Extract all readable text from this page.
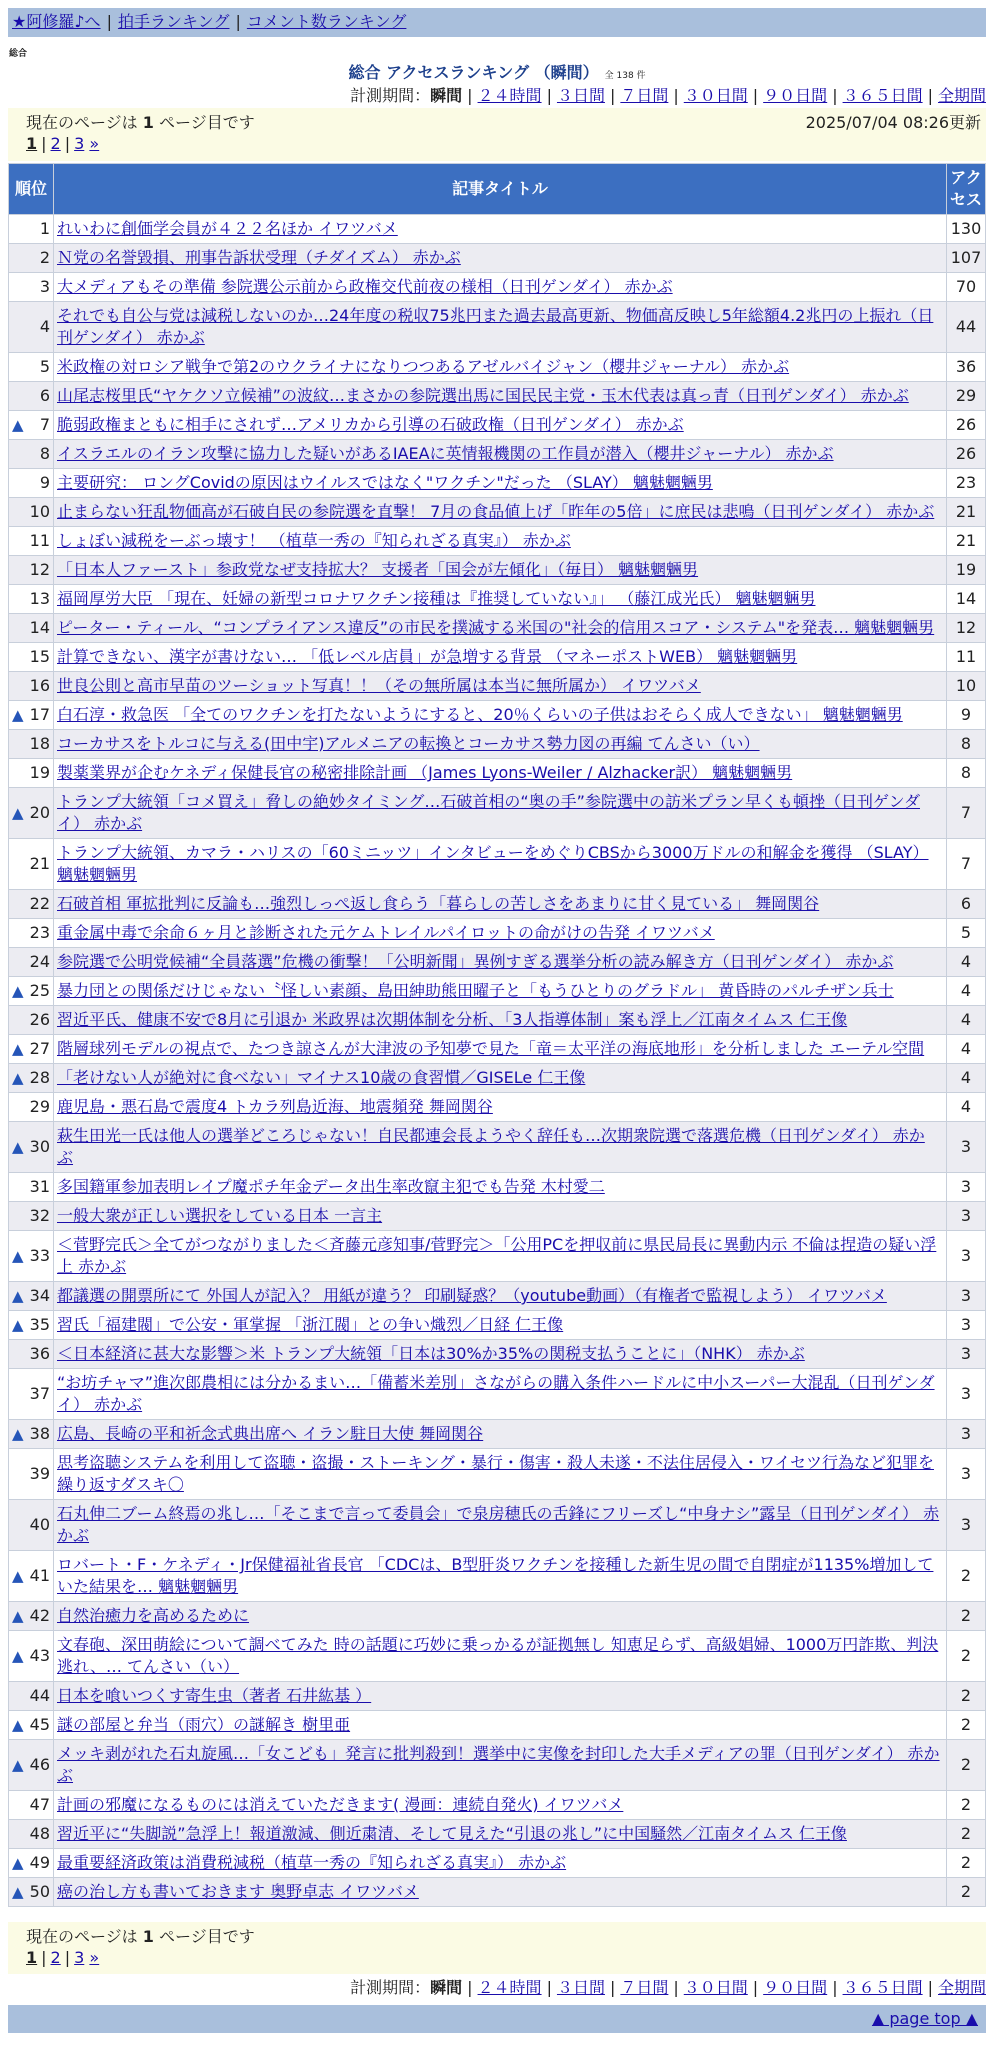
★阿修羅♪へ | 拍手ランキング | コメント数ランキング
総合
総合 アクセスランキング （瞬間） 全 138 件
計測期間：瞬間 | ２４時間 | ３日間 | ７日間 | ３０日間 | ９０日間 | ３６５日間 | 全期間
現在のページは 1 ページ目です	2025/07/04 08:26更新
1 | 2 | 3 »
順位	記事タイトル	アクセス
1	れいわに創価学会員が４２２名ほか イワツバメ	130
2	Ｎ党の名誉毀損、刑事告訴状受理（チダイズム） 赤かぶ	107
3	大メディアもその準備 参院選公示前から政権交代前夜の様相（日刊ゲンダイ） 赤かぶ	70
4	それでも自公与党は減税しないのか…24年度の税収75兆円また過去最高更新、物価高反映し5年総額4.2兆円の上振れ（日刊ゲンダイ） 赤かぶ	44
5	米政権の対ロシア戦争で第2のウクライナになりつつあるアゼルバイジャン（櫻井ジャーナル） 赤かぶ	36
6	山尾志桜里氏“ヤケクソ立候補”の波紋…まさかの参院選出馬に国民民主党・玉木代表は真っ青（日刊ゲンダイ） 赤かぶ	29

▲ 7	脆弱政権まともに相手にされず…アメリカから引導の石破政権（日刊ゲンダイ） 赤かぶ	26
8	イスラエルのイラン攻撃に協力した疑いがあるIAEAに英情報機関の工作員が潜入（櫻井ジャーナル） 赤かぶ	26
9	主要研究： ロングCovidの原因はウイルスではなく"ワクチン"だった （SLAY） 魑魅魍魎男	23
10	止まらない狂乱物価高が石破自民の参院選を直撃！ 7月の食品値上げ「昨年の5倍」に庶民は悲鳴（日刊ゲンダイ） 赤かぶ	21
11	しょぼい減税をーぶっ壊す！ （植草一秀の『知られざる真実』） 赤かぶ	21
12	「日本人ファースト」参政党なぜ支持拡大？ 支援者「国会が左傾化」（毎日） 魑魅魍魎男	19
13	福岡厚労大臣 「現在、妊婦の新型コロナワクチン接種は『推奨していない』」 （藤江成光氏） 魑魅魍魎男	14
14	ピーター・ティール、“コンプライアンス違反”の市民を撲滅する米国の"社会的信用スコア・システム"を発表… 魑魅魍魎男	12
15	計算できない、漢字が書けない… 「低レベル店員」が急増する背景 （マネーポストWEB） 魑魅魍魎男	11
16	世良公則と高市早苗のツーショット写真！！（その無所属は本当に無所属か） イワツバメ	10

▲ 17	白石淳・救急医 「全てのワクチンを打たないようにすると、20％くらいの子供はおそらく成人できない」 魑魅魍魎男	9
18	コーカサスをトルコに与える(田中宇)アルメニアの転換とコーカサス勢力図の再編 てんさい（い）	8
19	製薬業界が企むケネディ保健長官の秘密排除計画 （James Lyons-Weiler / Alzhacker訳） 魑魅魍魎男	8

▲ 20	トランプ大統領「コメ買え」脅しの絶妙タイミング…石破首相の“奥の手”参院選中の訪米プラン早くも頓挫（日刊ゲンダイ） 赤かぶ	7
21	トランプ大統領、カマラ・ハリスの「60ミニッツ」インタビューをめぐりCBSから3000万ドルの和解金を獲得 （SLAY） 魑魅魍魎男	7
22	石破首相 軍拡批判に反論も…強烈しっぺ返し食らう「暮らしの苦しさをあまりに甘く見ている」 舞岡関谷	6
23	重金属中毒で余命６ヶ月と診断された元ケムトレイルパイロットの命がけの告発 イワツバメ	5
24	参院選で公明党候補“全員落選”危機の衝撃！「公明新聞」異例すぎる選挙分析の読み解き方（日刊ゲンダイ） 赤かぶ	4

▲ 25	暴力団との関係だけじゃない〝怪しい素顔〟島田紳助熊田曜子と「もうひとりのグラドル」 黄昏時のパルチザン兵士	4
26	習近平氏、健康不安で8月に引退か 米政界は次期体制を分析、「3人指導体制」案も浮上／江南タイムス 仁王像	4

▲ 27	階層球列モデルの視点で、たつき諒さんが大津波の予知夢で見た「竜＝太平洋の海底地形」を分析しました エーテル空間	4

▲ 28	「老けない人が絶対に食べない」マイナス10歳の食習慣／GISELe 仁王像	4
29	鹿児島・悪石島で震度4 トカラ列島近海、地震頻発 舞岡関谷	4

▲ 30	萩生田光一氏は他人の選挙どころじゃない！自民都連会長ようやく辞任も…次期衆院選で落選危機（日刊ゲンダイ） 赤かぶ	3
31	多国籍軍参加表明レイプ魔ポチ年金データ出生率改竄主犯でも告発 木村愛二	3
32	一般大衆が正しい選択をしている日本 一言主	3

▲ 33	＜菅野完氏＞全てがつながりました＜斉藤元彦知事/菅野完＞「公用PCを押収前に県民局長に異動内示 不倫は捏造の疑い浮上 赤かぶ	3

▲ 34	都議選の開票所にて 外国人が記入？ 用紙が違う？ 印刷疑惑？（youtube動画）（有権者で監視しよう） イワツバメ	3

▲ 35	習氏「福建閥」で公安・軍掌握 「浙江閥」との争い熾烈／日経 仁王像	3
36	＜日本経済に甚大な影響＞米 トランプ大統領「日本は30%か35%の関税支払うことに」（NHK） 赤かぶ	3
37	“お坊チャマ”進次郎農相には分かるまい…「備蓄米差別」さながらの購入条件ハードルに中小スーパー大混乱（日刊ゲンダイ） 赤かぶ	3

▲ 38	広島、長崎の平和祈念式典出席へ イラン駐日大使 舞岡関谷	3
39	思考盗聴システムを利用して盗聴・盗撮・ストーキング・暴行・傷害・殺人未遂・不法住居侵入・ワイセツ行為など犯罪を繰り返すダスキ〇	3
40	石丸伸二ブーム終焉の兆し…「そこまで言って委員会」で泉房穂氏の舌鋒にフリーズし“中身ナシ”露呈（日刊ゲンダイ） 赤かぶ	3

▲ 41	ロバート・F・ケネディ・Jr保健福祉省長官 「CDCは、B型肝炎ワクチンを接種した新生児の間で自閉症が1135%増加していた結果を… 魑魅魍魎男	2

▲ 42	自然治癒力を高めるために	2

▲ 43	文春砲、深田萌絵について調べてみた 時の話題に巧妙に乗っかるが証拠無し 知恵足らず、高級娼婦、1000万円詐欺、判決逃れ、… てんさい（い）	2
44	日本を喰いつくす寄生虫（著者 石井紘基 ）	2

▲ 45	謎の部屋と弁当（雨穴）の謎解き 樹里亜	2

▲ 46	メッキ剥がれた石丸旋風…「女こども」発言に批判殺到！選挙中に実像を封印した大手メディアの罪（日刊ゲンダイ） 赤かぶ	2
47	計画の邪魔になるものには消えていただきます( 漫画：連続自発火) イワツバメ	2
48	習近平に“失脚説”急浮上！報道激減、側近粛清、そして見えた“引退の兆し”に中国騒然／江南タイムス 仁王像	2

▲ 49	最重要経済政策は消費税減税（植草一秀の『知られざる真実』） 赤かぶ	2

▲ 50	癌の治し方も書いておきます 奥野卓志 イワツバメ	2
現在のページは 1 ページ目です
1 | 2 | 3 »
計測期間：瞬間 | ２４時間 | ３日間 | ７日間 | ３０日間 | ９０日間 | ３６５日間 | 全期間
▲ page top ▲
